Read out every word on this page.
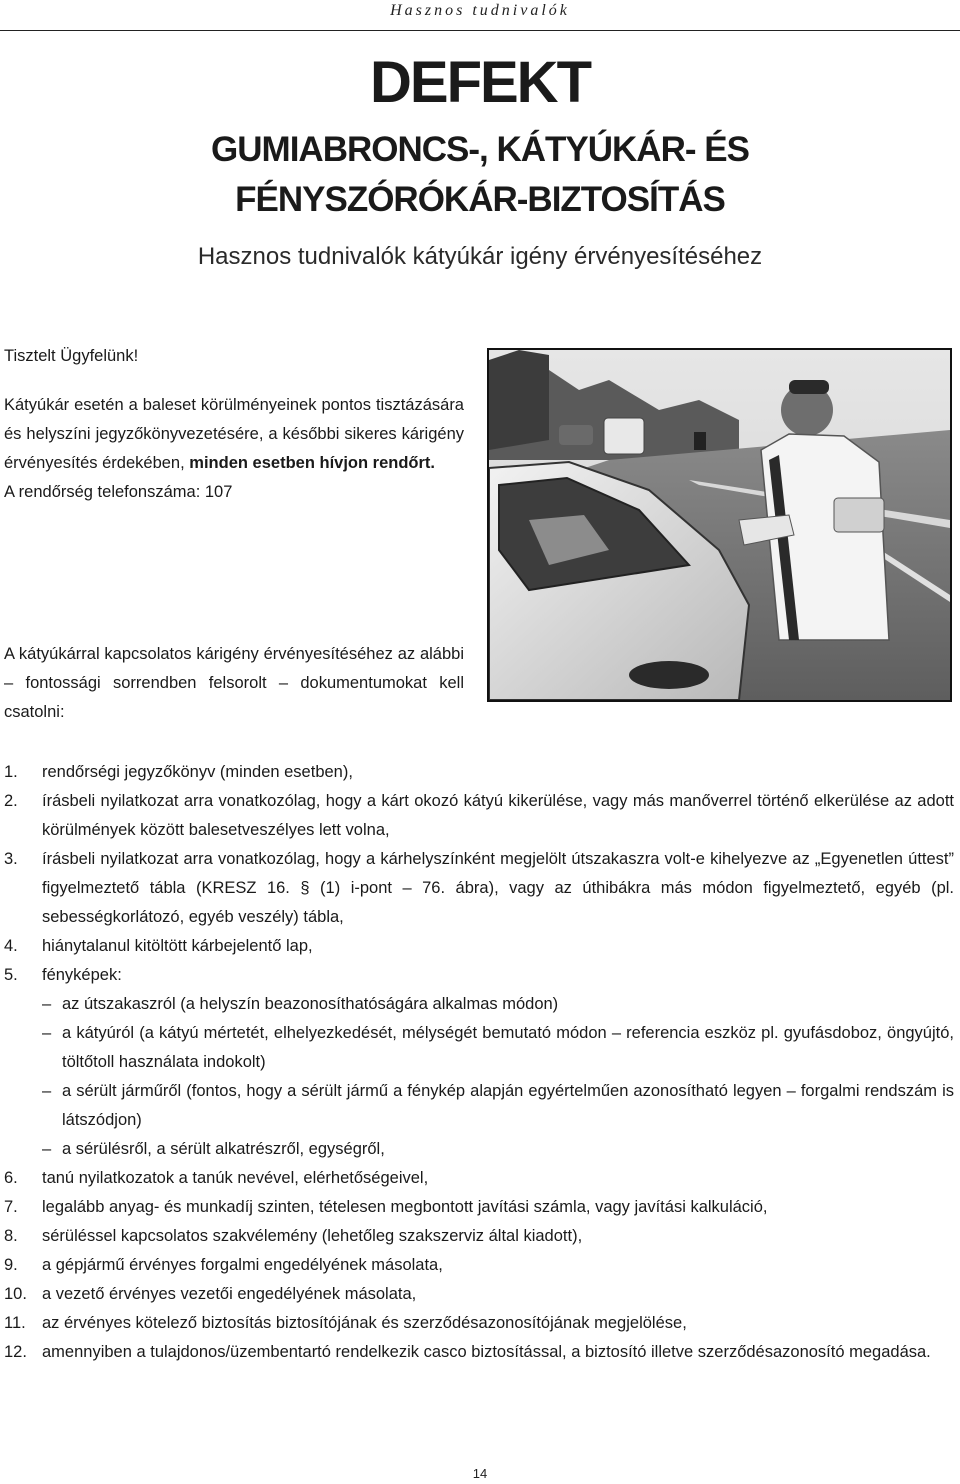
Hasznos tudnivalók
DEFEKT
GUMIABRONCS-, KÁTYÚKÁR- ÉS
FÉNYSZÓRÓKÁR-BIZTOSÍTÁS
Hasznos tudnivalók kátyúkár igény érvényesítéséhez

Tisztelt Ügyfelünk!

Kátyúkár esetén a baleset körülményeinek pontos tisztázására és helyszíni jegyzőkönyvezetésére, a későbbi sikeres kárigény érvényesítés érdekében, minden esetben hívjon rendőrt.

A rendőrség telefonszáma: 107

A kátyúkárral kapcsolatos kárigény érvényesítéséhez az alábbi – fontossági sorrendben felsorolt – dokumentumokat kell csatolni:
1. rendőrségi jegyzőkönyv (minden esetben),
2. írásbeli nyilatkozat arra vonatkozólag, hogy a kárt okozó kátyú kikerülése, vagy más manőverrel történő elkerülése az adott körülmények között balesetveszélyes lett volna,
3. írásbeli nyilatkozat arra vonatkozólag, hogy a kárhelyszínként megjelölt útszakaszra volt-e kihelyezve az „Egyenetlen úttest” figyelmeztető tábla (KRESZ 16. § (1) i-pont – 76. ábra), vagy az úthibákra más módon figyelmeztető, egyéb (pl. sebességkorlátozó, egyéb veszély) tábla,
4. hiánytalanul kitöltött kárbejelentő lap,
5. fényképek:
– az útszakaszról (a helyszín beazonosíthatóságára alkalmas módon)
– a kátyúról (a kátyú mértetét, elhelyezkedését, mélységét bemutató módon – referencia eszköz pl. gyufásdoboz, öngyújtó, töltőtoll használata indokolt)
– a sérült járműről (fontos, hogy a sérült jármű a fénykép alapján egyértelműen azonosítható legyen – forgalmi rendszám is látszódjon)
– a sérülésről, a sérült alkatrészről, egységről,
6. tanú nyilatkozatok a tanúk nevével, elérhetőségeivel,
7. legalább anyag- és munkadíj szinten, tételesen megbontott javítási számla, vagy javítási kalkuláció,
8. sérüléssel kapcsolatos szakvélemény (lehetőleg szakszerviz által kiadott),
9. a gépjármű érvényes forgalmi engedélyének másolata,
10. a vezető érvényes vezetői engedélyének másolata,
11. az érvényes kötelező biztosítás biztosítójának és szerződésazonosítójának megjelölése,
12. amennyiben a tulajdonos/üzembentartó rendelkezik casco biztosítással, a biztosító illetve szerződésazonosító megadása.
14
